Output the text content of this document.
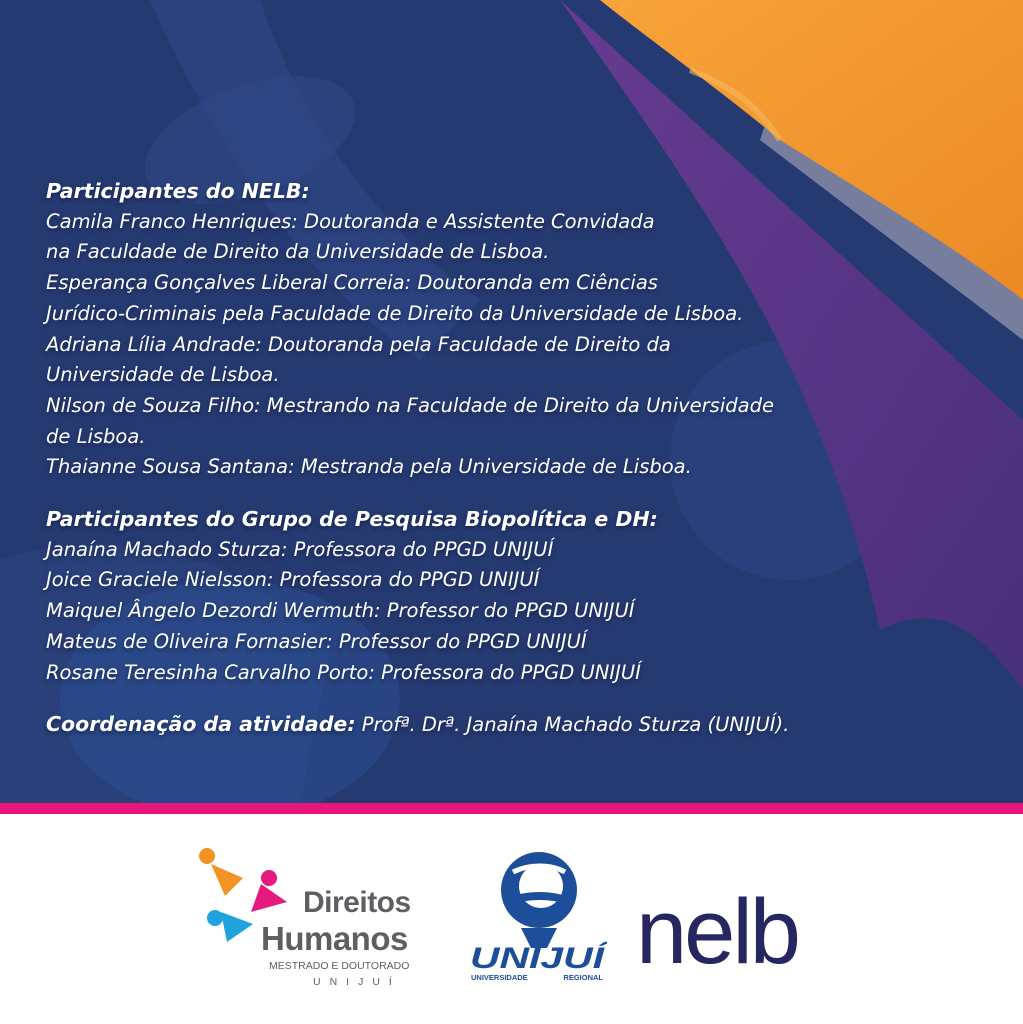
Participantes do NELB:
Camila Franco Henriques: Doutoranda e Assistente Convidada
na Faculdade de Direito da Universidade de Lisboa.
Esperança Gonçalves Liberal Correia: Doutoranda em Ciências
Jurídico-Criminais pela Faculdade de Direito da Universidade de Lisboa.
Adriana Lília Andrade: Doutoranda pela Faculdade de Direito da
Universidade de Lisboa.
Nilson de Souza Filho: Mestrando na Faculdade de Direito da Universidade
de Lisboa.
Thaianne Sousa Santana: Mestranda pela Universidade de Lisboa.
Participantes do Grupo de Pesquisa Biopolítica e DH:
Janaína Machado Sturza: Professora do PPGD UNIJUÍ
Joice Graciele Nielsson: Professora do PPGD UNIJUÍ
Maiquel Ângelo Dezordi Wermuth: Professor do PPGD UNIJUÍ
Mateus de Oliveira Fornasier: Professor do PPGD UNIJUÍ
Rosane Teresinha Carvalho Porto: Professora do PPGD UNIJUÍ
Coordenação da atividade: Profª. Drª. Janaína Machado Sturza (UNIJUÍ).
Direitos
Humanos
MESTRADO E DOUTORADO
UNIJUÍ
UNIJUÍ
UNIVERSIDADE	REGIONAL nelb
